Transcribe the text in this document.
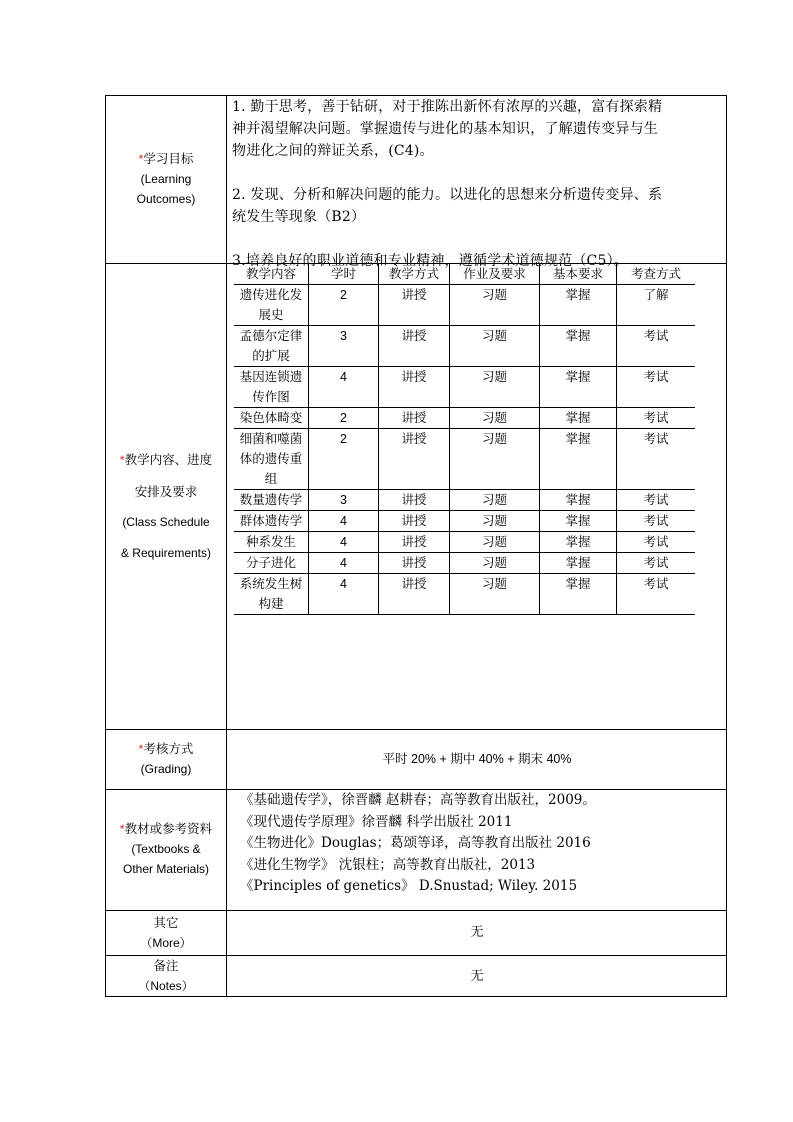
*学习目标
(Learning
Outcomes)

1. 勤于思考，善于钻研，对于推陈出新怀有浓厚的兴趣，富有探索精

神并渴望解决问题。掌握遗传与进化的基本知识，了解遗传变异与生

物进化之间的辩证关系，(C4)。

2. 发现、分析和解决问题的能力。以进化的思想来分析遗传变异、系

统发生等现象（B2）

3.培养良好的职业道德和专业精神，遵循学术道德规范（C5）。

*教学内容、进度
安排及要求
(Class Schedule
& Requirements)
教学内容	学时	教学方式	作业及要求	基本要求	考查方式
遗传进化发展史	2	讲授	习题	掌握	了解
孟德尔定律的扩展	3	讲授	习题	掌握	考试
基因连锁遗传作图	4	讲授	习题	掌握	考试
染色体畸变	2	讲授	习题	掌握	考试
细菌和噬菌体的遗传重组	2	讲授	习题	掌握	考试
数量遗传学	3	讲授	习题	掌握	考试
群体遗传学	4	讲授	习题	掌握	考试
种系发生	4	讲授	习题	掌握	考试
分子进化	4	讲授	习题	掌握	考试
系统发生树构建	4	讲授	习题	掌握	考试
*考核方式
(Grading)
平时 20% + 期中 40% + 期末 40%
*教材或参考资料
(Textbooks &
Other Materials)
《基础遗传学》，徐晋麟 赵耕春；高等教育出版社，2009。
《现代遗传学原理》徐晋麟 科学出版社 2011
《生物进化》Douglas；葛颂等译，高等教育出版社 2016
《进化生物学》 沈银柱；高等教育出版社，2013
《Principles of genetics》 D.Snustad; Wiley. 2015
其它
（More）
无
备注
（Notes）
无
